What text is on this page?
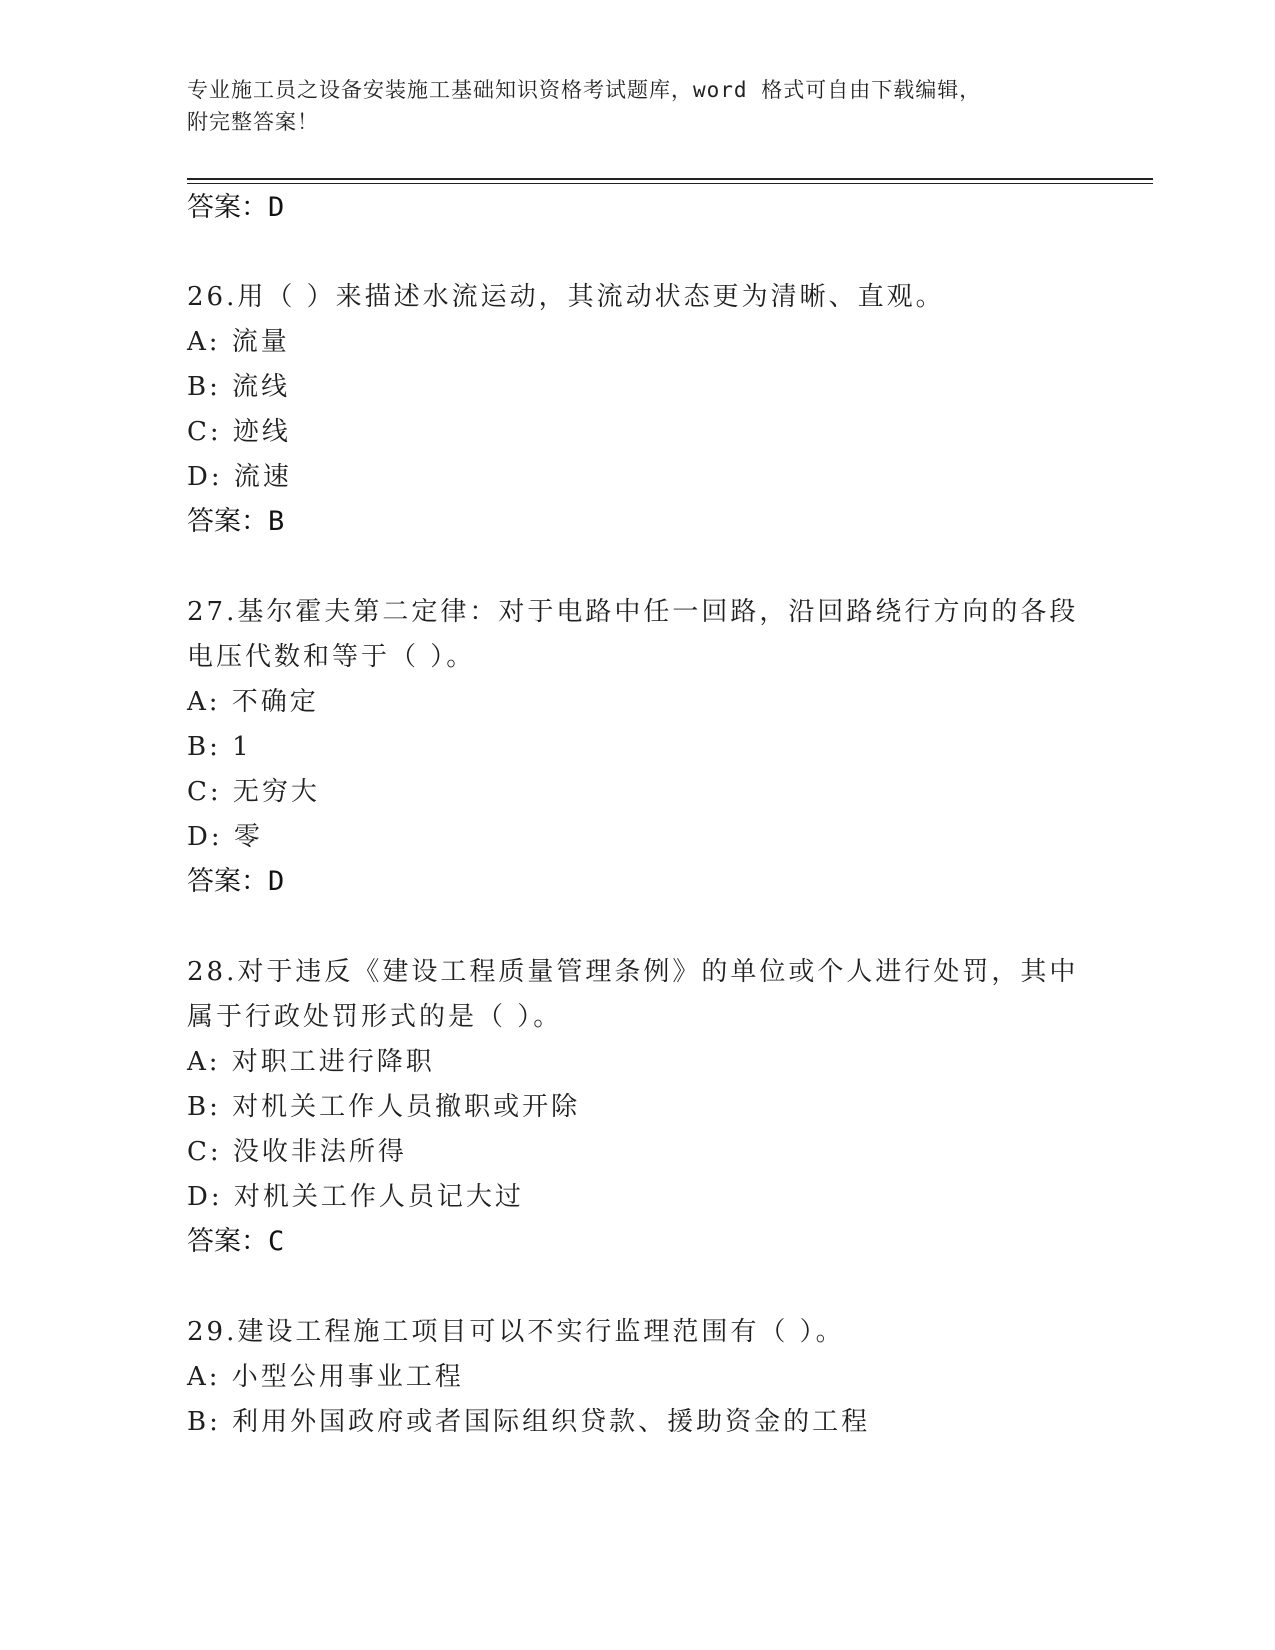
专业施工员之设备安装施工基础知识资格考试题库，word 格式可自由下载编辑，
附完整答案！
答案：D
26.用（ ）来描述水流运动，其流动状态更为清晰、直观。
A: 流量
B: 流线
C: 迹线
D: 流速
答案：B
27.基尔霍夫第二定律：对于电路中任一回路，沿回路绕行方向的各段
电压代数和等于（ ）。
A: 不确定
B: 1
C: 无穷大
D: 零
答案：D
28.对于违反《建设工程质量管理条例》的单位或个人进行处罚，其中
属于行政处罚形式的是（ ）。
A: 对职工进行降职
B: 对机关工作人员撤职或开除
C: 没收非法所得
D: 对机关工作人员记大过
答案：C
29.建设工程施工项目可以不实行监理范围有（ ）。
A: 小型公用事业工程
B: 利用外国政府或者国际组织贷款、援助资金的工程
